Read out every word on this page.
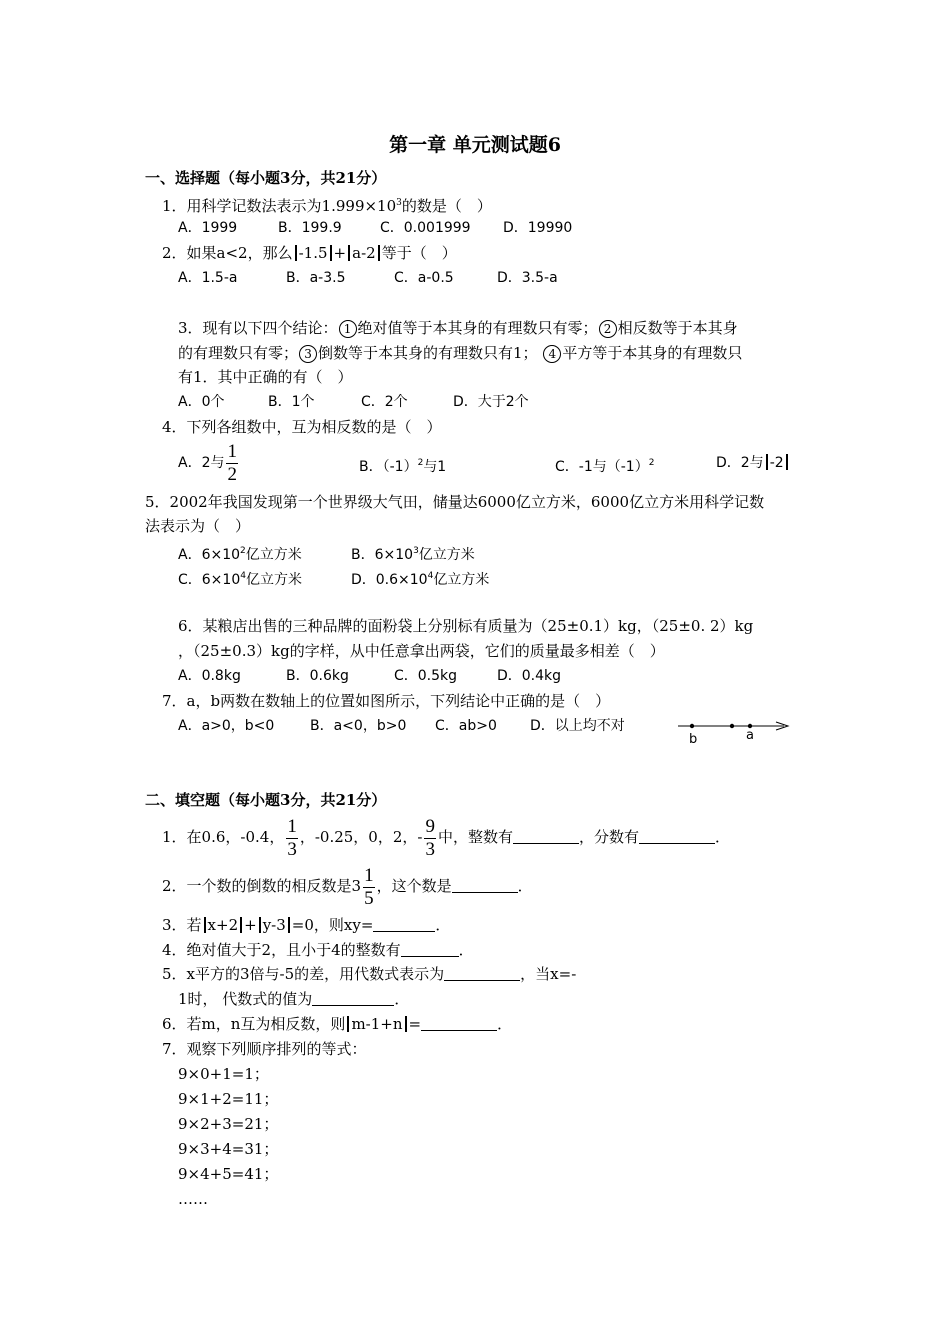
第一章 单元测试题6
一、选择题（每小题3分，共21分）
1．用科学记数法表示为$1.999\times 10^3$的数是（　）
A．1999	B．199.9	C．0.001999 D．19990
2．如果a<2，那么 -1.5 + a-2 等于（　）
A．1.5-a	B．a-3.5	C．a-0.5	D．3.5-a
3．现有以下四个结论： 1 绝对值等于本其身的有理数只有零； 2 相反数等于本其身
的有理数只有零； 3 倒数等于本其身的有理数只有1； 4 平方等于本其身的有理数只
有1．其中正确的有（　）
A．0个	B．1个	C．2个	D．大于2个
4．下列各组数中，互为相反数的是（　）
A．2与 $\frac{1}{2}$	B．$(-1)^2$与1	C．-1与$(-1)^2$	D．2与 -2
5．2002年我国发现第一个世界级大气田，储量达6000亿立方米，6000亿立方米用科学记数
法表示为（　）
A．$6\times 10^2$亿立方米	B．$6\times 10^3$亿立方米
C．$6\times 10^4$亿立方米	D．$0.6\times 10^4$亿立方米
6．某粮店出售的三种品牌的面粉袋上分别标有质量为（25±0.1）kg，（25±0. 2）kg
，（25±0.3）kg的字样，从中任意拿出两袋，它们的质量最多相差（　）
A．0.8kg	B．0.6kg	C．0.5kg	D．0.4kg
7．a，b两数在数轴上的位置如图所示，下列结论中正确的是（　）
A．a>0，b<0	B．a<0，b>0 C．ab>0 D．以上均不对
b	a
二、填空题（每小题3分，共21分）
1．在0.6，-0.4， $\frac{1}{3}$ ，-0.25，0，2，- $\frac{9}{3}$ 中，整数有	，分数有	．
2．一个数的倒数的相反数是$3 \frac{1}{5}$ ，这个数是	．
3．若 x+2 + y-3 =0，则xy=	．
4．绝对值大于2，且小于4的整数有	．
5．x平方的3倍与-5的差，用代数式表示为	，当x=-
1时， 代数式的值为	．
6．若m，n互为相反数，则 m-1+n =	．
7．观察下列顺序排列的等式：
9×0+1=1；
9×1+2=11；
9×2+3=21；
9×3+4=31；
9×4+5=41；
……
